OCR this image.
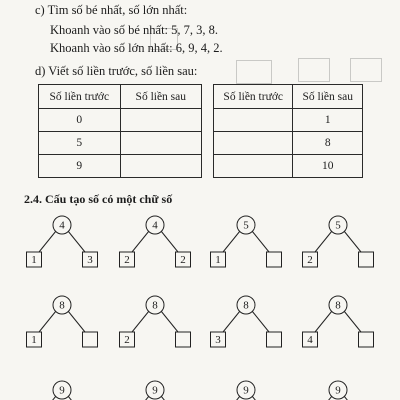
c) Tìm số bé nhất, số lớn nhất:
Khoanh vào số bé nhất: 5, 7, 3, 8.
Khoanh vào số lớn nhất: 6, 9, 4, 2.
d) Viết số liền trước, số liền sau:
Số liền trước	Số liền sau
0	
5	
9	
Số liền trước	Số liền sau
	1
	8
	10
2.4. Cấu tạo số có một chữ số
4
1	3
4
2	2
5
1
5
2
8
1
8
2
8
3
8
4
9	9	9	9
